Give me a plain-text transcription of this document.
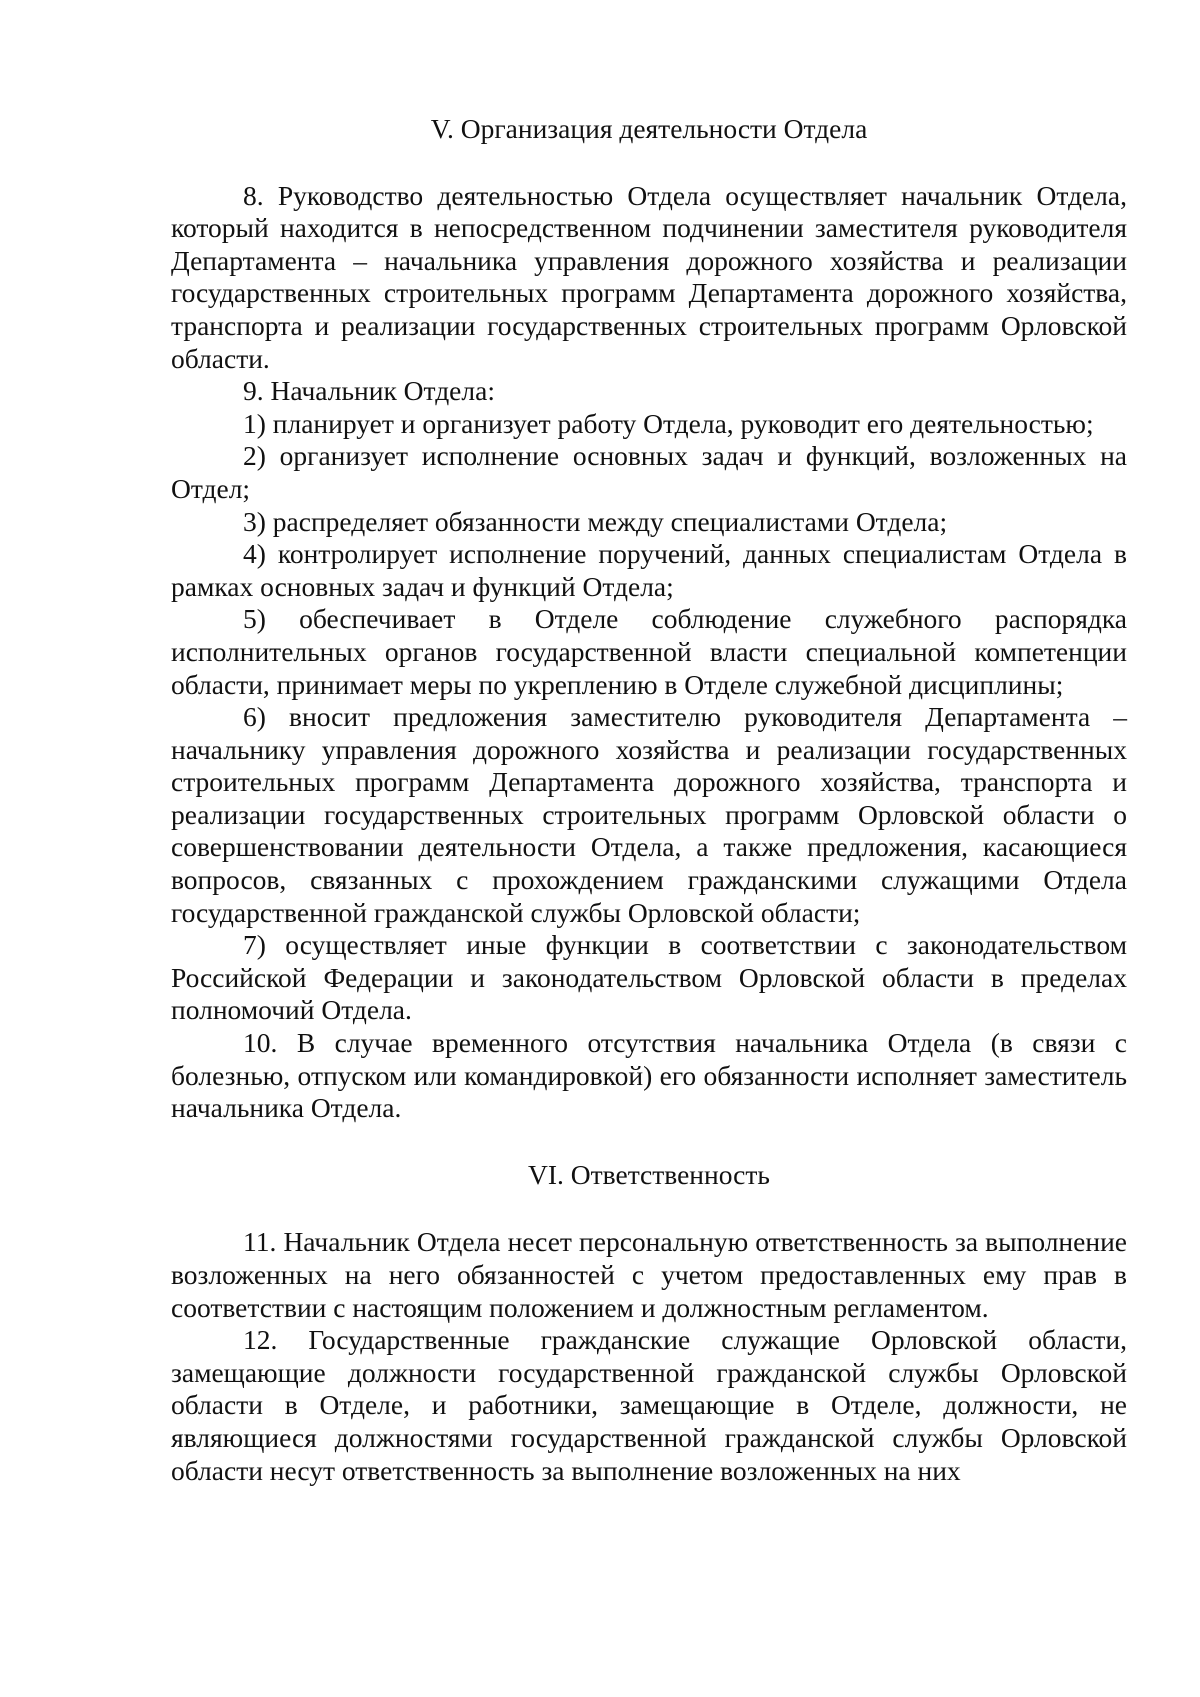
V. Организация деятельности Отдела

8. Руководство деятельностью Отдела осуществляет начальник Отдела, который находится в непосредственном подчинении заместителя руководителя Департамента – начальника управления дорожного хозяйства и реализации государственных строительных программ Департамента дорожного хозяйства, транспорта и реализации государственных строительных программ Орловской области.

9. Начальник Отдела:

1) планирует и организует работу Отдела, руководит его деятельностью;

2) организует исполнение основных задач и функций, возложенных на Отдел;

3) распределяет обязанности между специалистами Отдела;

4) контролирует исполнение поручений, данных специалистам Отдела в рамках основных задач и функций Отдела;

5) обеспечивает в Отделе соблюдение служебного распорядка исполнительных органов государственной власти специальной компетенции области, принимает меры по укреплению в Отделе служебной дисциплины;

6) вносит предложения заместителю руководителя Департамента – начальнику управления дорожного хозяйства и реализации государственных строительных программ Департамента дорожного хозяйства, транспорта и реализации государственных строительных программ Орловской области о совершенствовании деятельности Отдела, а также предложения, касающиеся вопросов, связанных с прохождением гражданскими служащими Отдела государственной гражданской службы Орловской области;

7) осуществляет иные функции в соответствии с законодательством Российской Федерации и законодательством Орловской области в пределах полномочий Отдела.

10. В случае временного отсутствия начальника Отдела (в связи с болезнью, отпуском или командировкой) его обязанности исполняет заместитель начальника Отдела.

VI. Ответственность

11. Начальник Отдела несет персональную ответственность за выполнение возложенных на него обязанностей с учетом предоставленных ему прав в соответствии с настоящим положением и должностным регламентом.

12. Государственные гражданские служащие Орловской области, замещающие должности государственной гражданской службы Орловской области в Отделе, и работники, замещающие в Отделе, должности, не являющиеся должностями государственной гражданской службы Орловской области несут ответственность за выполнение возложенных на них
